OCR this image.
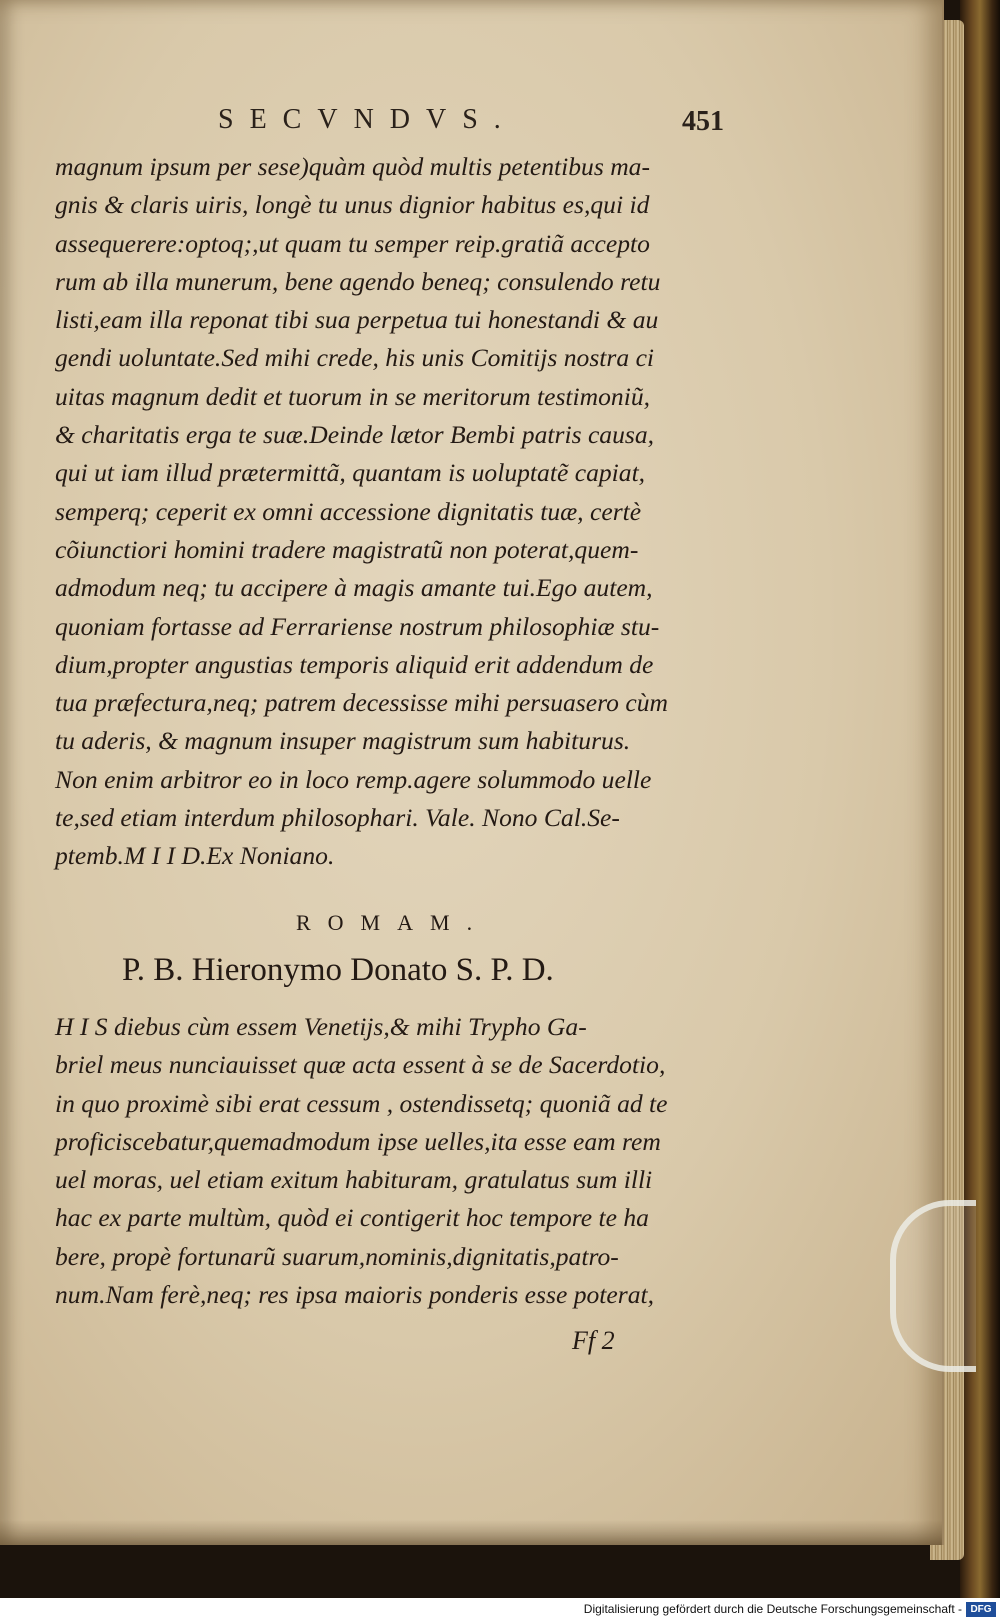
SECVNDVS.	451
magnum ipsum per sese)quàm quòd multis petentibus ma-
gnis & claris uiris, longè tu unus dignior habitus es,qui id
assequerere:optoq;,ut quam tu semper reip.gratiã accepto
rum ab illa munerum, bene agendo beneq; consulendo retu
listi,eam illa reponat tibi sua perpetua tui honestandi & au
gendi uoluntate.Sed mihi crede, his unis Comitijs nostra ci
uitas magnum dedit et tuorum in se meritorum testimoniũ,
& charitatis erga te suæ.Deinde lætor Bembi patris causa,
qui ut iam illud prætermittã, quantam is uoluptatẽ capiat,
semperq; ceperit ex omni accessione dignitatis tuæ, certè
cõiunctiori homini tradere magistratũ non poterat,quem-
admodum neq; tu accipere à magis amante tui.Ego autem,
quoniam fortasse ad Ferrariense nostrum philosophiæ stu-
dium,propter angustias temporis aliquid erit addendum de
tua præfectura,neq; patrem decessisse mihi persuasero cùm
tu aderis, & magnum insuper magistrum sum habiturus.
Non enim arbitror eo in loco remp.agere solummodo uelle
te,sed etiam interdum philosophari. Vale. Nono Cal.Se-
ptemb.M I I D.Ex Noniano.
ROMAM.
P. B. Hieronymo Donato S. P. D.
H I S diebus cùm essem Venetijs,& mihi Trypho Ga-
briel meus nunciauisset quæ acta essent à se de Sacerdotio,
in quo proximè sibi erat cessum , ostendissetq; quoniã ad te
proficiscebatur,quemadmodum ipse uelles,ita esse eam rem
uel moras, uel etiam exitum habituram, gratulatus sum illi
hac ex parte multùm, quòd ei contigerit hoc tempore te ha
bere, propè fortunarũ suarum,nominis,dignitatis,patro-
num.Nam ferè,neq; res ipsa maioris ponderis esse poterat,
Ff 2
Digitalisierung gefördert durch die Deutsche Forschungsgemeinschaft - DFG
